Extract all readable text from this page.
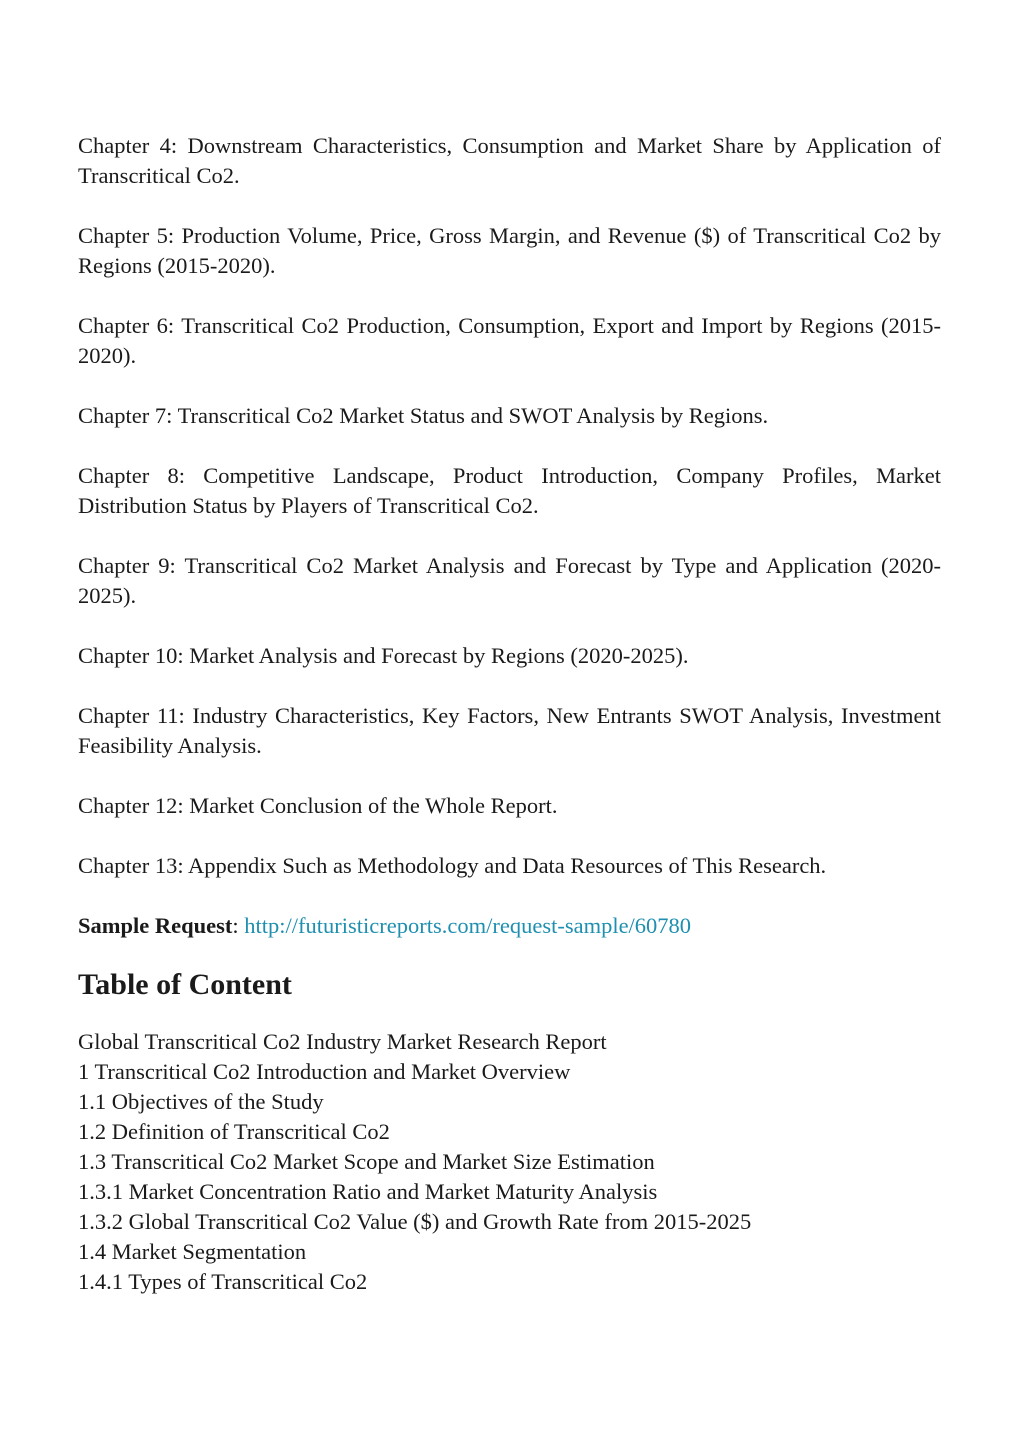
Chapter 4: Downstream Characteristics, Consumption and Market Share by Application of Transcritical Co2.

Chapter 5: Production Volume, Price, Gross Margin, and Revenue ($) of Transcritical Co2 by Regions (2015-2020).

Chapter 6: Transcritical Co2 Production, Consumption, Export and Import by Regions (2015-2020).

Chapter 7: Transcritical Co2 Market Status and SWOT Analysis by Regions.

Chapter 8: Competitive Landscape, Product Introduction, Company Profiles, Market Distribution Status by Players of Transcritical Co2.

Chapter 9: Transcritical Co2 Market Analysis and Forecast by Type and Application (2020-2025).

Chapter 10: Market Analysis and Forecast by Regions (2020-2025).

Chapter 11: Industry Characteristics, Key Factors, New Entrants SWOT Analysis, Investment Feasibility Analysis.

Chapter 12: Market Conclusion of the Whole Report.

Chapter 13: Appendix Such as Methodology and Data Resources of This Research.

Sample Request: http://futuristicreports.com/request-sample/60780

Table of Content
Global Transcritical Co2 Industry Market Research Report
1 Transcritical Co2 Introduction and Market Overview
1.1 Objectives of the Study
1.2 Definition of Transcritical Co2
1.3 Transcritical Co2 Market Scope and Market Size Estimation
1.3.1 Market Concentration Ratio and Market Maturity Analysis
1.3.2 Global Transcritical Co2 Value ($) and Growth Rate from 2015-2025
1.4 Market Segmentation
1.4.1 Types of Transcritical Co2
